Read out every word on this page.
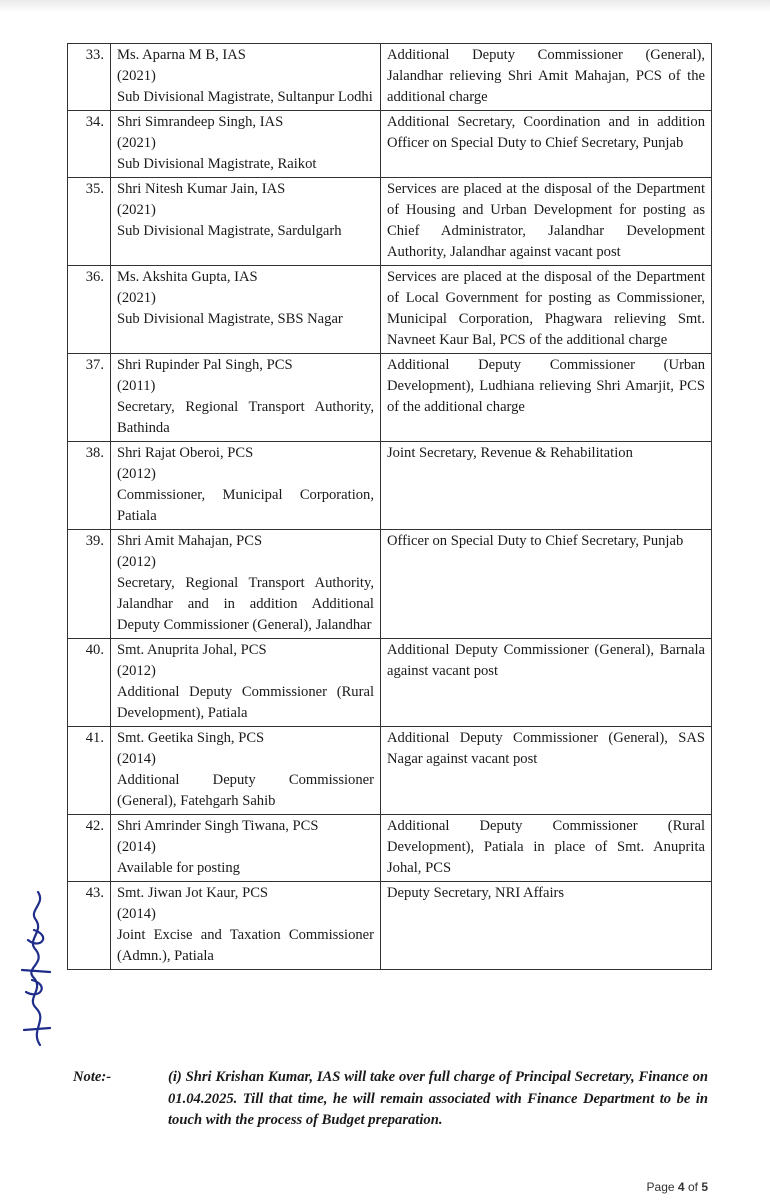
33.	Ms. Aparna M B, IAS
(2021)
Sub Divisional Magistrate, Sultanpur Lodhi	Additional Deputy Commissioner (General), Jalandhar relieving Shri Amit Mahajan, PCS of the additional charge
34.	Shri Simrandeep Singh, IAS
(2021)
Sub Divisional Magistrate, Raikot	Additional Secretary, Coordination and in addition Officer on Special Duty to Chief Secretary, Punjab
35.	Shri Nitesh Kumar Jain, IAS
(2021)
Sub Divisional Magistrate, Sardulgarh	Services are placed at the disposal of the Department of Housing and Urban Development for posting as Chief Administrator, Jalandhar Development Authority, Jalandhar against vacant post
36.	Ms. Akshita Gupta, IAS
(2021)
Sub Divisional Magistrate, SBS Nagar	Services are placed at the disposal of the Department of Local Government for posting as Commissioner, Municipal Corporation, Phagwara relieving Smt. Navneet Kaur Bal, PCS of the additional charge
37.	Shri Rupinder Pal Singh, PCS
(2011)
Secretary, Regional Transport Authority, Bathinda	Additional Deputy Commissioner (Urban Development), Ludhiana relieving Shri Amarjit, PCS of the additional charge
38.	Shri Rajat Oberoi, PCS
(2012)
Commissioner, Municipal Corporation, Patiala	Joint Secretary, Revenue & Rehabilitation
39.	Shri Amit Mahajan, PCS
(2012)
Secretary, Regional Transport Authority, Jalandhar and in addition Additional Deputy Commissioner (General), Jalandhar	Officer on Special Duty to Chief Secretary, Punjab
40.	Smt. Anuprita Johal, PCS
(2012)
Additional Deputy Commissioner (Rural Development), Patiala	Additional Deputy Commissioner (General), Barnala against vacant post
41.	Smt. Geetika Singh, PCS
(2014)
Additional Deputy Commissioner (General), Fatehgarh Sahib	Additional Deputy Commissioner (General), SAS Nagar against vacant post
42.	Shri Amrinder Singh Tiwana, PCS
(2014)
Available for posting	Additional Deputy Commissioner (Rural Development), Patiala in place of Smt. Anuprita Johal, PCS
43.	Smt. Jiwan Jot Kaur, PCS
(2014)
Joint Excise and Taxation Commissioner (Admn.), Patiala	Deputy Secretary, NRI Affairs
Note:-	(i) Shri Krishan Kumar, IAS will take over full charge of Principal Secretary, Finance on 01.04.2025. Till that time, he will remain associated with Finance Department to be in touch with the process of Budget preparation.
Page 4 of 5
